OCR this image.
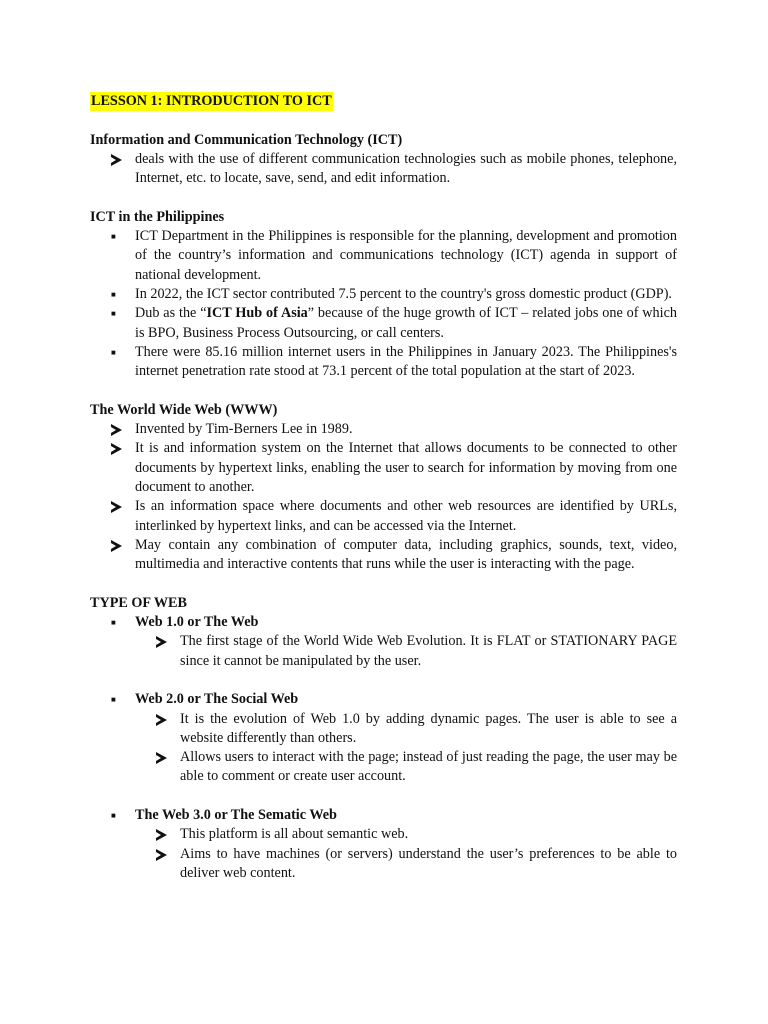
LESSON 1: INTRODUCTION TO ICT
Information and Communication Technology (ICT)
deals with the use of different communication technologies such as mobile phones, telephone, Internet, etc. to locate, save, send, and edit information.
ICT in the Philippines
■ ICT Department in the Philippines is responsible for the planning, development and promotion of the country’s information and communications technology (ICT) agenda in support of national development.
■ In 2022, the ICT sector contributed 7.5 percent to the country's gross domestic product (GDP).
■ Dub as the “ICT Hub of Asia” because of the huge growth of ICT – related jobs one of which is BPO, Business Process Outsourcing, or call centers.
■ There were 85.16 million internet users in the Philippines in January 2023. The Philippines's internet penetration rate stood at 73.1 percent of the total population at the start of 2023.
The World Wide Web (WWW)
Invented by Tim-Berners Lee in 1989.
It is and information system on the Internet that allows documents to be connected to other documents by hypertext links, enabling the user to search for information by moving from one document to another.
Is an information space where documents and other web resources are identified by URLs, interlinked by hypertext links, and can be accessed via the Internet.
May contain any combination of computer data, including graphics, sounds, text, video, multimedia and interactive contents that runs while the user is interacting with the page.
TYPE OF WEB
■ Web 1.0 or The Web
The first stage of the World Wide Web Evolution. It is FLAT or STATIONARY PAGE since it cannot be manipulated by the user.
■ Web 2.0 or The Social Web
It is the evolution of Web 1.0 by adding dynamic pages. The user is able to see a website differently than others.
Allows users to interact with the page; instead of just reading the page, the user may be able to comment or create user account.
■ The Web 3.0 or The Sematic Web
This platform is all about semantic web.
Aims to have machines (or servers) understand the user’s preferences to be able to deliver web content.
